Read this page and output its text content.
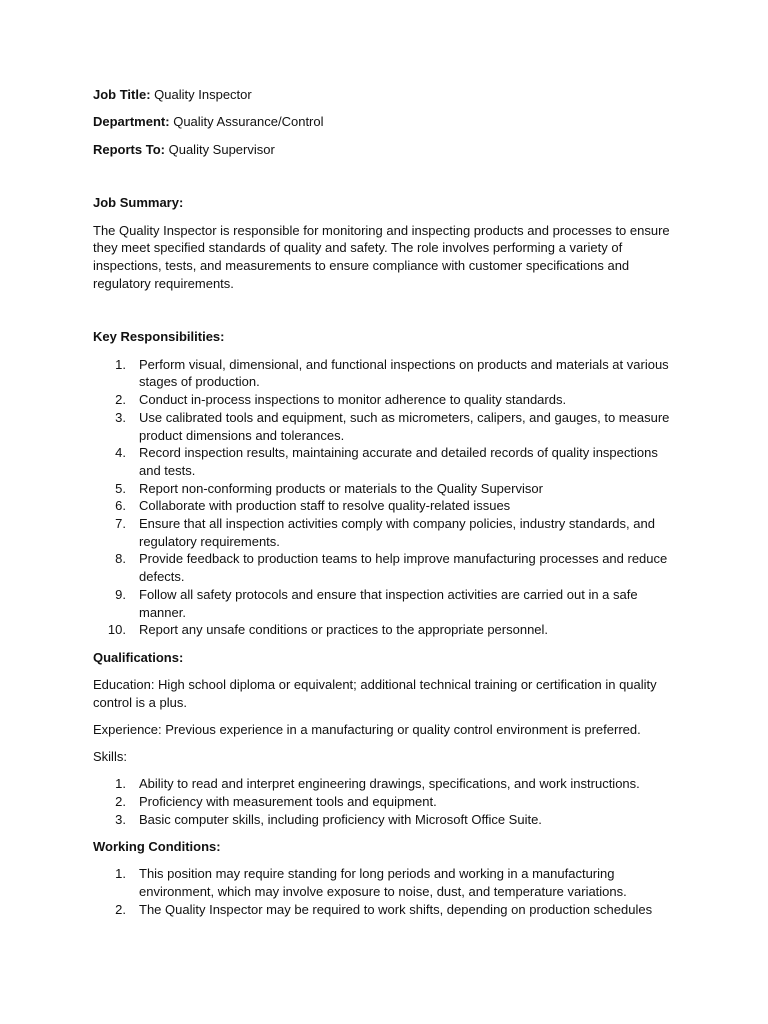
Job Title: Quality Inspector

Department: Quality Assurance/Control

Reports To: Quality Supervisor

Job Summary:

The Quality Inspector is responsible for monitoring and inspecting products and processes to ensure they meet specified standards of quality and safety. The role involves performing a variety of inspections, tests, and measurements to ensure compliance with customer specifications and regulatory requirements.

Key Responsibilities:

1. Perform visual, dimensional, and functional inspections on products and materials at various stages of production.
2. Conduct in-process inspections to monitor adherence to quality standards.
3. Use calibrated tools and equipment, such as micrometers, calipers, and gauges, to measure product dimensions and tolerances.
4. Record inspection results, maintaining accurate and detailed records of quality inspections and tests.
5. Report non-conforming products or materials to the Quality Supervisor
6. Collaborate with production staff to resolve quality-related issues
7. Ensure that all inspection activities comply with company policies, industry standards, and regulatory requirements.
8. Provide feedback to production teams to help improve manufacturing processes and reduce defects.
9. Follow all safety protocols and ensure that inspection activities are carried out in a safe manner.
10. Report any unsafe conditions or practices to the appropriate personnel.

Qualifications:

Education: High school diploma or equivalent; additional technical training or certification in quality control is a plus.

Experience: Previous experience in a manufacturing or quality control environment is preferred.

Skills:

1. Ability to read and interpret engineering drawings, specifications, and work instructions.
2. Proficiency with measurement tools and equipment.
3. Basic computer skills, including proficiency with Microsoft Office Suite.

Working Conditions:

1. This position may require standing for long periods and working in a manufacturing environment, which may involve exposure to noise, dust, and temperature variations.
2. The Quality Inspector may be required to work shifts, depending on production schedules
